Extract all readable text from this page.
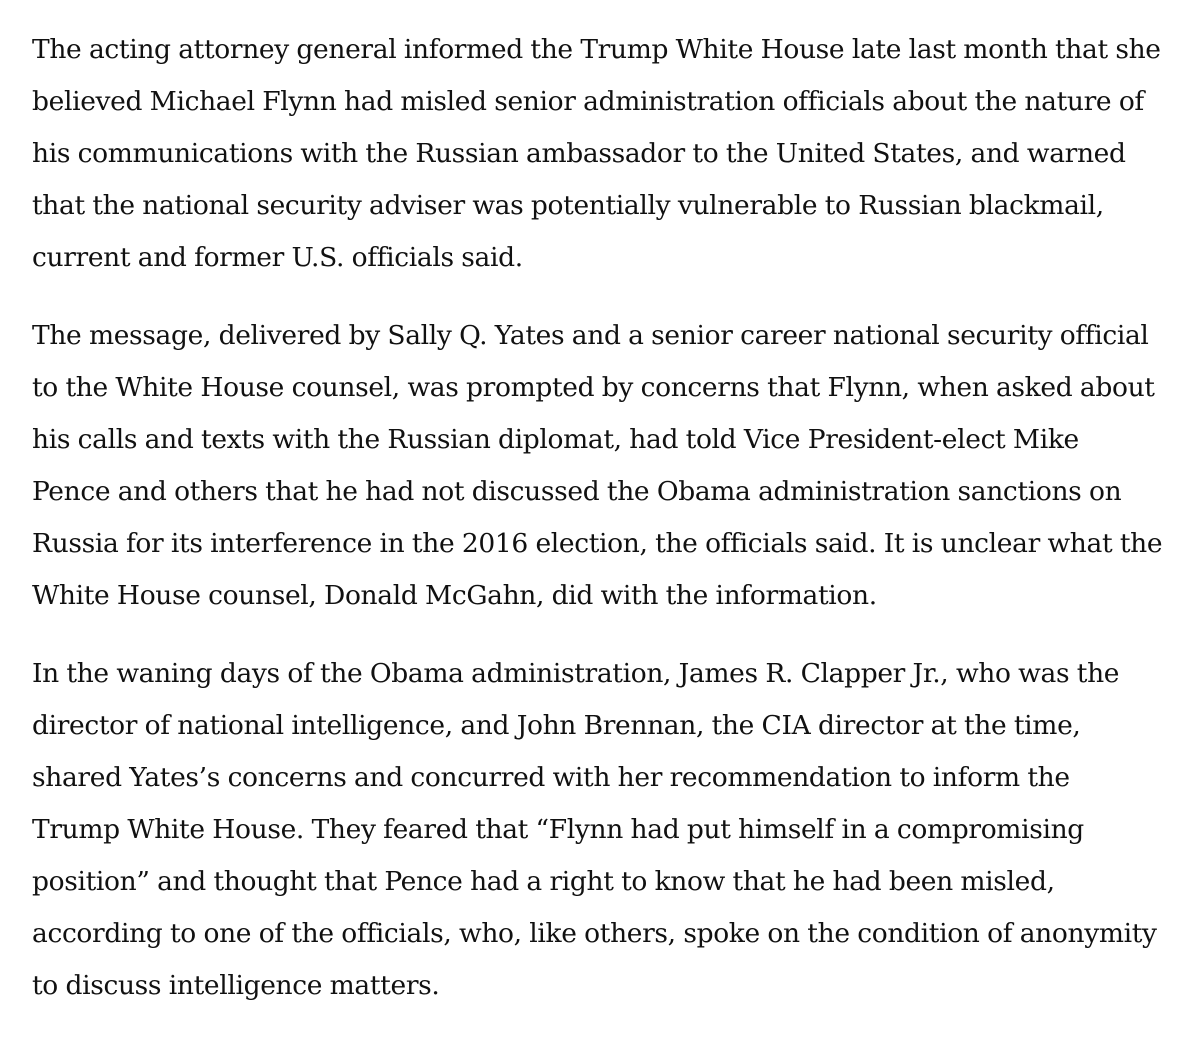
The acting attorney general informed the Trump White House late last month that she
believed Michael Flynn had misled senior administration officials about the nature of
his communications with the Russian ambassador to the United States, and warned
that the national security adviser was potentially vulnerable to Russian blackmail,
current and former U.S. officials said.

The message, delivered by Sally Q. Yates and a senior career national security official
to the White House counsel, was prompted by concerns that Flynn, when asked about
his calls and texts with the Russian diplomat, had told Vice President-elect Mike
Pence and others that he had not discussed the Obama administration sanctions on
Russia for its interference in the 2016 election, the officials said. It is unclear what the
White House counsel, Donald McGahn, did with the information.

In the waning days of the Obama administration, James R. Clapper Jr., who was the
director of national intelligence, and John Brennan, the CIA director at the time,
shared Yates’s concerns and concurred with her recommendation to inform the
Trump White House. They feared that “Flynn had put himself in a compromising
position” and thought that Pence had a right to know that he had been misled,
according to one of the officials, who, like others, spoke on the condition of anonymity
to discuss intelligence matters.
